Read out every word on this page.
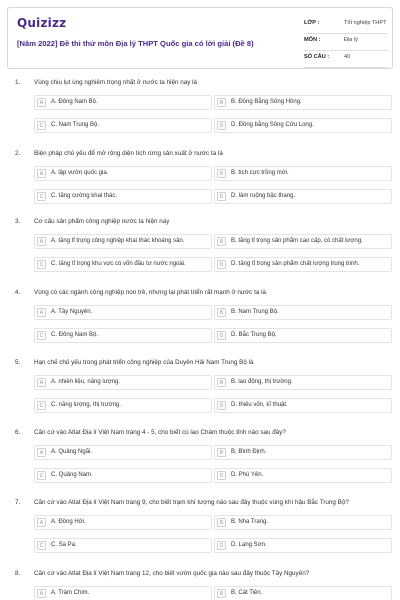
Quizizz
[Năm 2022] Đề thi thử môn Địa lý THPT Quốc gia có lời giải (Đề 8)
LỚP :	Tốt nghiệp THPT
MÔN :	Địa lý
SỐ CÂU :	40
1. Vùng chịu lụt úng nghiêm trọng nhất ở nước ta hiện nay là
A	A. Đông Nam Bộ.	B	B. Đồng Bằng Sông Hồng.
C	C. Nam Trung Bộ.	D	D. Đồng bằng Sông Cửu Long.
2. Biện pháp chủ yếu để mở rộng diện tích rừng sản xuất ở nước ta là
A	A. lập vườn quốc gia.	B	B. tích cực trồng mới.
C	C. tăng cường khai thác.	D	D. làm ruộng bậc thang.
3. Cơ cấu sản phẩm công nghiệp nước ta hiện nay
A	A. tăng tỉ trọng công nghiệp khai thác khoáng sản.	B	B. tăng tỉ trọng sản phẩm cao cấp, có chất lượng.
C	C. tăng tỉ trọng khu vực có vốn đầu tư nước ngoài.	D	D. tăng tỉ trọng sản phẩm chất lượng trung bình.
4. Vùng có các ngành công nghiệp non trẻ, nhưng lại phát triển rất mạnh ở nước ta là
A	A. Tây Nguyên.	B	B. Nam Trung Bộ.
C	C. Đông Nam Bộ.	D	D. Bắc Trung Bộ.
5. Hạn chế chủ yếu trong phát triển công nghiệp của Duyên Hải Nam Trung Bộ là
A	A. nhiên liệu, năng lượng.	B	B. lao động, thị trường.
C	C. năng lượng, thị trường.	D	D. thiếu vốn, kĩ thuật.
6. Căn cứ vào Atlat Địa lí Việt Nam trang 4 - 5, cho biết cù lao Chàm thuộc tỉnh nào sau đây?
A	A. Quảng Ngãi.	B	B. Bình Định.
C	C. Quảng Nam.	D	D. Phú Yên.
7. Căn cứ vào Atlat Địa lí Việt Nam trang 9, cho biết trạm khí tượng nào sau đây thuộc vùng khí hậu Bắc Trung Bộ?
A	A. Đồng Hới.	B	B. Nha Trang.
C	C. Sa Pa.	D	D. Lạng Sơn.
8. Căn cứ vào Atlat Địa lí Việt Nam trang 12, cho biết vườn quốc gia nào sau đây thuộc Tây Nguyên?
A	A. Tràm Chim.	B	B. Cát Tiên.
